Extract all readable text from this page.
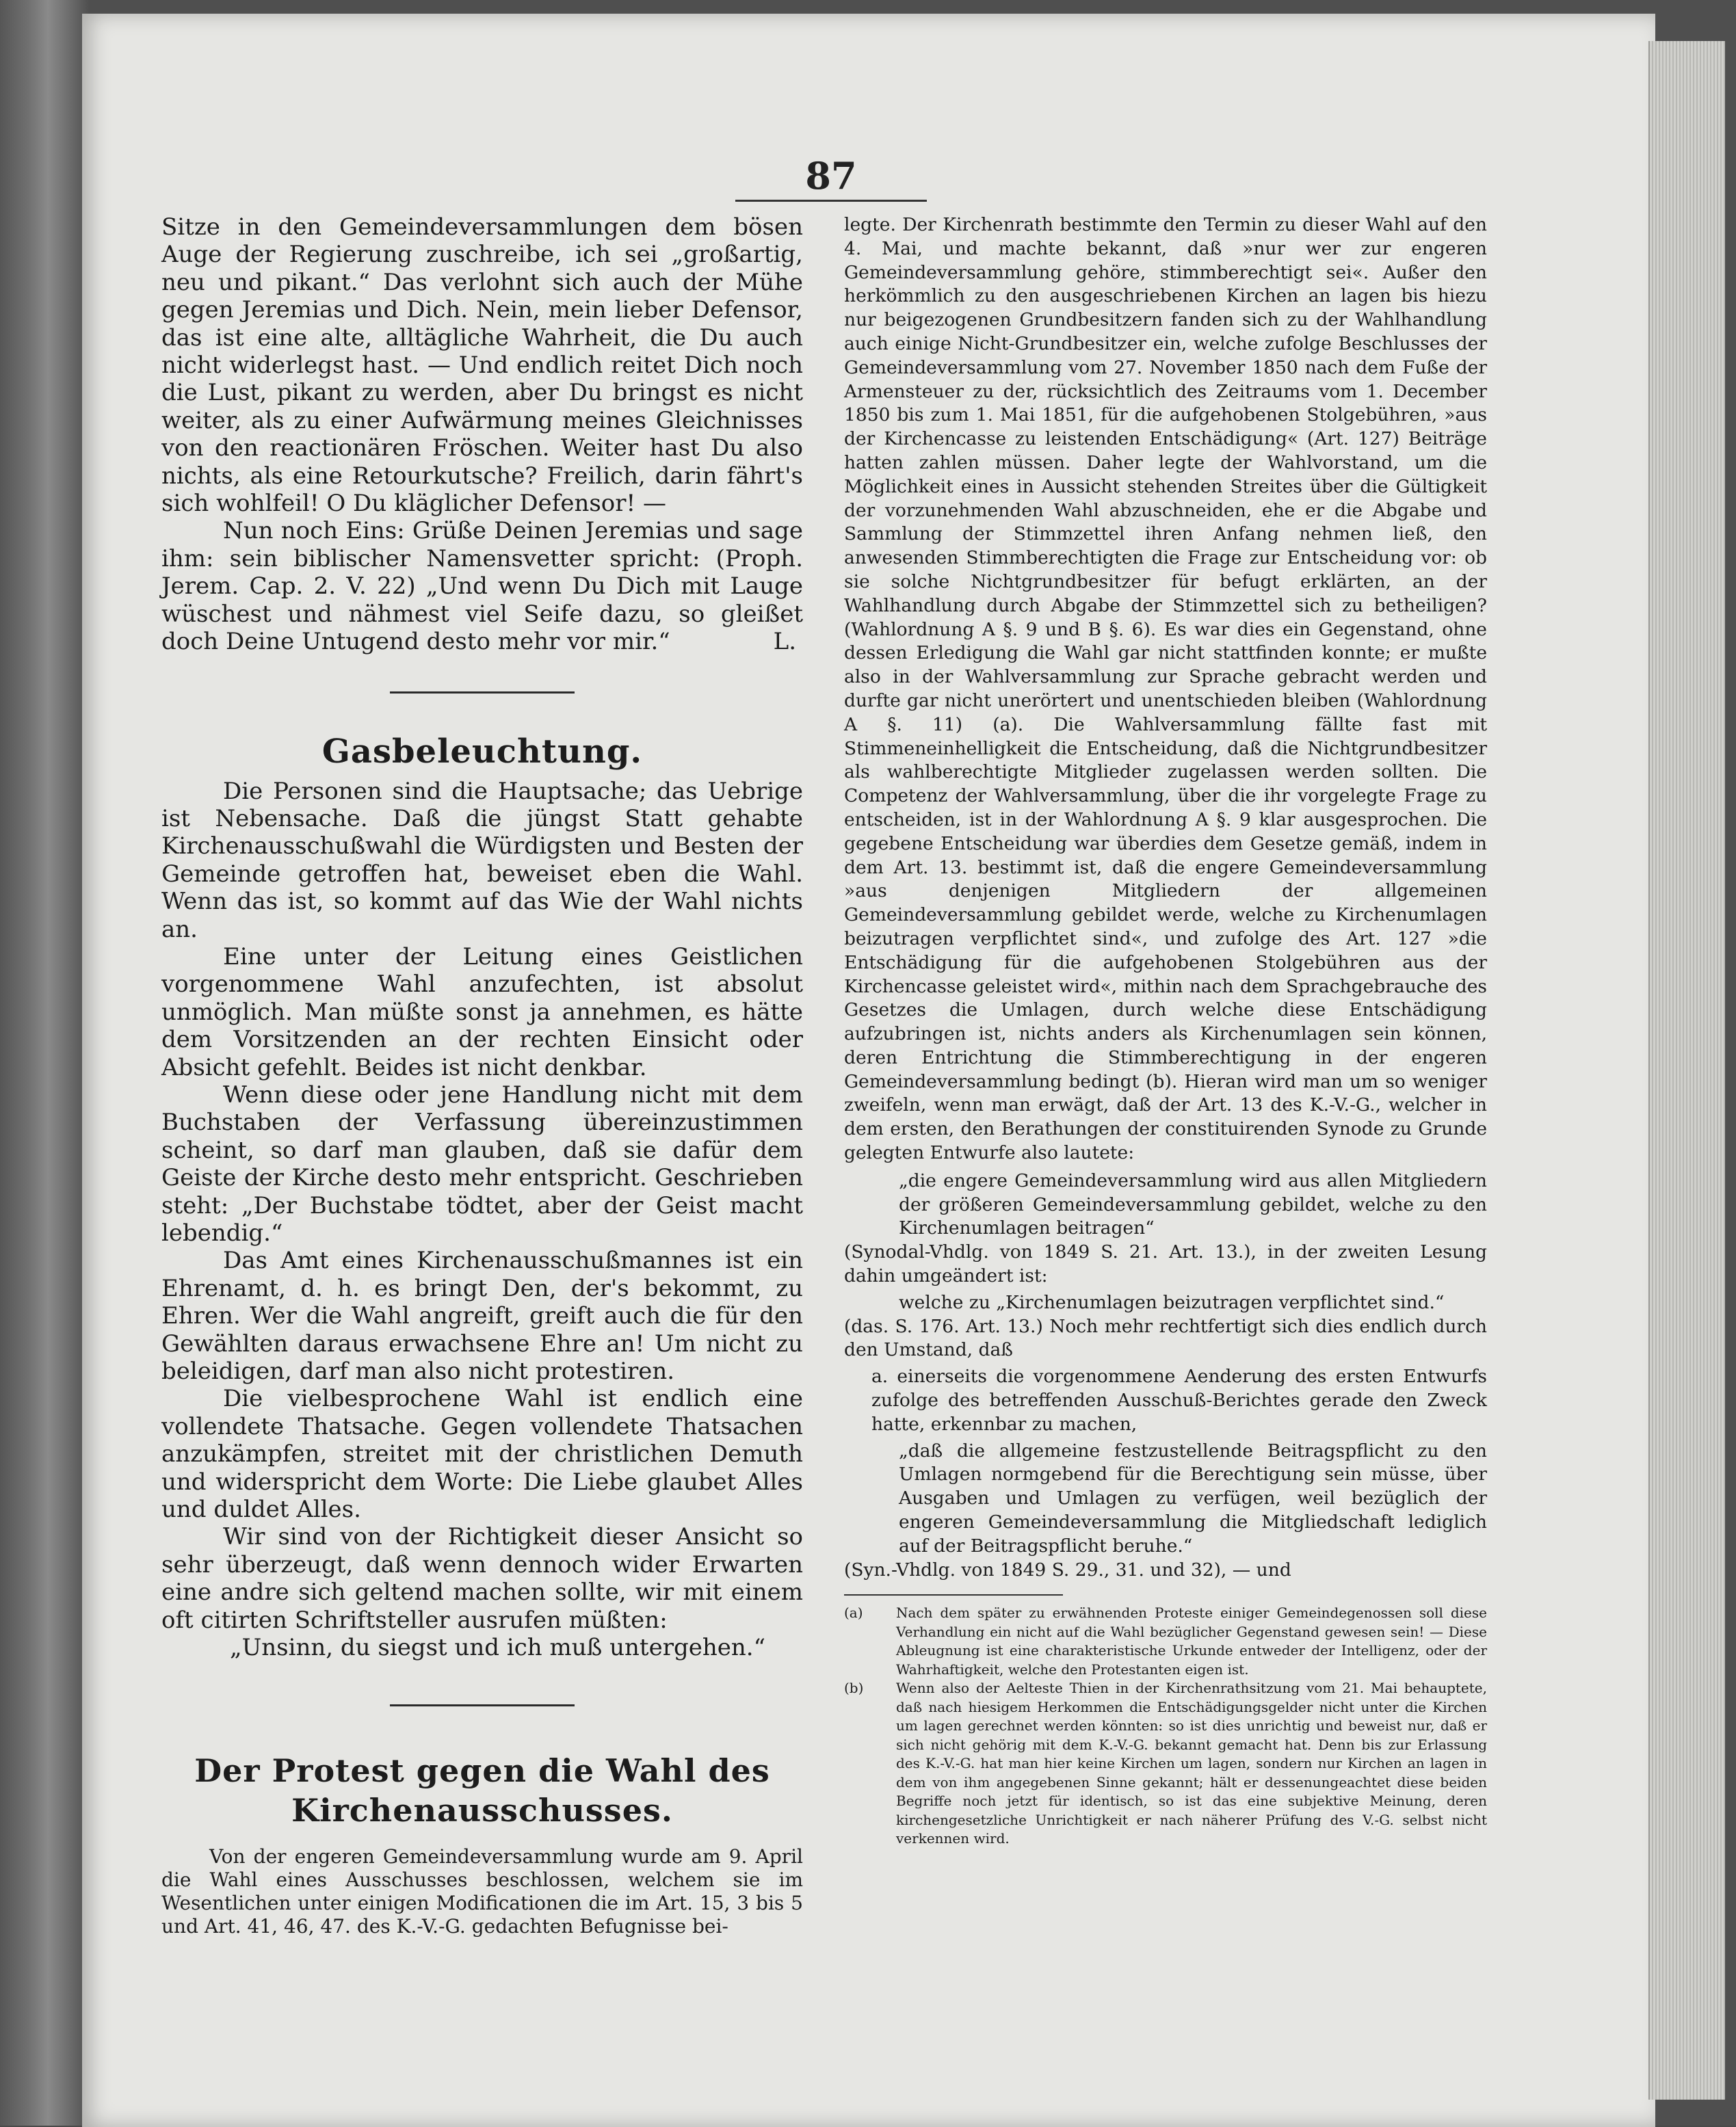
87

Sitze in den Gemeindeversammlungen dem bösen Auge der Regierung zuschreibe, ich sei „großartig, neu und pikant.“ Das verlohnt sich auch der Mühe gegen Jeremias und Dich. Nein, mein lieber Defensor, das ist eine alte, alltägliche Wahrheit, die Du auch nicht widerlegst hast. — Und endlich reitet Dich noch die Lust, pikant zu werden, aber Du bringst es nicht weiter, als zu einer Aufwärmung meines Gleichnisses von den reactionären Fröschen. Weiter hast Du also nichts, als eine Retourkutsche? Freilich, darin fährt's sich wohlfeil! O Du kläglicher Defensor! —

Nun noch Eins: Grüße Deinen Jeremias und sage ihm: sein biblischer Namensvetter spricht: (Proph. Jerem. Cap. 2. V. 22) „Und wenn Du Dich mit Lauge wüschest und nähmest viel Seife dazu, so gleißet doch Deine Untugend desto mehr vor mir.“	L.

Gasbeleuchtung.

Die Personen sind die Hauptsache; das Uebrige ist Nebensache. Daß die jüngst Statt gehabte Kirchenausschußwahl die Würdigsten und Besten der Gemeinde getroffen hat, beweiset eben die Wahl. Wenn das ist, so kommt auf das Wie der Wahl nichts an.

Eine unter der Leitung eines Geistlichen vorgenommene Wahl anzufechten, ist absolut unmöglich. Man müßte sonst ja annehmen, es hätte dem Vorsitzenden an der rechten Einsicht oder Absicht gefehlt. Beides ist nicht denkbar.

Wenn diese oder jene Handlung nicht mit dem Buchstaben der Verfassung übereinzustimmen scheint, so darf man glauben, daß sie dafür dem Geiste der Kirche desto mehr entspricht. Geschrieben steht: „Der Buchstabe tödtet, aber der Geist macht lebendig.“

Das Amt eines Kirchenausschußmannes ist ein Ehrenamt, d. h. es bringt Den, der's bekommt, zu Ehren. Wer die Wahl angreift, greift auch die für den Gewählten daraus erwachsene Ehre an! Um nicht zu beleidigen, darf man also nicht protestiren.

Die vielbesprochene Wahl ist endlich eine vollendete Thatsache. Gegen vollendete Thatsachen anzukämpfen, streitet mit der christlichen Demuth und widerspricht dem Worte: Die Liebe glaubet Alles und duldet Alles.

Wir sind von der Richtigkeit dieser Ansicht so sehr überzeugt, daß wenn dennoch wider Erwarten eine andre sich geltend machen sollte, wir mit einem oft citirten Schriftsteller ausrufen müßten:

„Unsinn, du siegst und ich muß untergehen.“

Der Protest gegen die Wahl des
Kirchenausschusses.

Von der engeren Gemeindeversammlung wurde am 9. April die Wahl eines Ausschusses beschlossen, welchem sie im Wesentlichen unter einigen Modificationen die im Art. 15, 3 bis 5 und Art. 41, 46, 47. des K.-V.-G. gedachten Befugnisse bei-

legte. Der Kirchenrath bestimmte den Termin zu dieser Wahl auf den 4. Mai, und machte bekannt, daß »nur wer zur engeren Gemeindeversammlung gehöre, stimmberechtigt sei«. Außer den herkömmlich zu den ausgeschriebenen Kirchen an lagen bis hiezu nur beigezogenen Grundbesitzern fanden sich zu der Wahlhandlung auch einige Nicht-Grundbesitzer ein, welche zufolge Beschlusses der Gemeindeversammlung vom 27. November 1850 nach dem Fuße der Armensteuer zu der, rücksichtlich des Zeitraums vom 1. December 1850 bis zum 1. Mai 1851, für die aufgehobenen Stolgebühren, »aus der Kirchencasse zu leistenden Entschädigung« (Art. 127) Beiträge hatten zahlen müssen. Daher legte der Wahlvorstand, um die Möglichkeit eines in Aussicht stehenden Streites über die Gültigkeit der vorzunehmenden Wahl abzuschneiden, ehe er die Abgabe und Sammlung der Stimmzettel ihren Anfang nehmen ließ, den anwesenden Stimmberechtigten die Frage zur Entscheidung vor: ob sie solche Nichtgrundbesitzer für befugt erklärten, an der Wahlhandlung durch Abgabe der Stimmzettel sich zu betheiligen? (Wahlordnung A §. 9 und B §. 6). Es war dies ein Gegenstand, ohne dessen Erledigung die Wahl gar nicht stattfinden konnte; er mußte also in der Wahlversammlung zur Sprache gebracht werden und durfte gar nicht unerörtert und unentschieden bleiben (Wahlordnung A §. 11) (a). Die Wahlversammlung fällte fast mit Stimmeneinhelligkeit die Entscheidung, daß die Nichtgrundbesitzer als wahlberechtigte Mitglieder zugelassen werden sollten. Die Competenz der Wahlversammlung, über die ihr vorgelegte Frage zu entscheiden, ist in der Wahlordnung A §. 9 klar ausgesprochen. Die gegebene Entscheidung war überdies dem Gesetze gemäß, indem in dem Art. 13. bestimmt ist, daß die engere Gemeindeversammlung »aus denjenigen Mitgliedern der allgemeinen Gemeindeversammlung gebildet werde, welche zu Kirchenumlagen beizutragen verpflichtet sind«, und zufolge des Art. 127 »die Entschädigung für die aufgehobenen Stolgebühren aus der Kirchencasse geleistet wird«, mithin nach dem Sprachgebrauche des Gesetzes die Umlagen, durch welche diese Entschädigung aufzubringen ist, nichts anders als Kirchenumlagen sein können, deren Entrichtung die Stimmberechtigung in der engeren Gemeindeversammlung bedingt (b). Hieran wird man um so weniger zweifeln, wenn man erwägt, daß der Art. 13 des K.-V.-G., welcher in dem ersten, den Berathungen der constituirenden Synode zu Grunde gelegten Entwurfe also lautete:

„die engere Gemeindeversammlung wird aus allen Mitgliedern der größeren Gemeindeversammlung gebildet, welche zu den Kirchenumlagen beitragen“

(Synodal-Vhdlg. von 1849 S. 21. Art. 13.), in der zweiten Lesung dahin umgeändert ist:

welche zu „Kirchenumlagen beizutragen verpflichtet sind.“

(das. S. 176. Art. 13.) Noch mehr rechtfertigt sich dies endlich durch den Umstand, daß

a. einerseits die vorgenommene Aenderung des ersten Entwurfs zufolge des betreffenden Ausschuß-Berichtes gerade den Zweck hatte, erkennbar zu machen,

„daß die allgemeine festzustellende Beitragspflicht zu den Umlagen normgebend für die Berechtigung sein müsse, über Ausgaben und Umlagen zu verfügen, weil bezüglich der engeren Gemeindeversammlung die Mitgliedschaft lediglich auf der Beitragspflicht beruhe.“

(Syn.-Vhdlg. von 1849 S. 29., 31. und 32), — und

(a) Nach dem später zu erwähnenden Proteste einiger Gemeindegenossen soll diese Verhandlung ein nicht auf die Wahl bezüglicher Gegenstand gewesen sein! — Diese Ableugnung ist eine charakteristische Urkunde entweder der Intelligenz, oder der Wahrhaftigkeit, welche den Protestanten eigen ist.

(b) Wenn also der Aelteste Thien in der Kirchenrathsitzung vom 21. Mai behauptete, daß nach hiesigem Herkommen die Entschädigungsgelder nicht unter die Kirchen um lagen gerechnet werden könnten: so ist dies unrichtig und beweist nur, daß er sich nicht gehörig mit dem K.-V.-G. bekannt gemacht hat. Denn bis zur Erlassung des K.-V.-G. hat man hier keine Kirchen um lagen, sondern nur Kirchen an lagen in dem von ihm angegebenen Sinne gekannt; hält er dessenungeachtet diese beiden Begriffe noch jetzt für identisch, so ist das eine subjektive Meinung, deren kirchengesetzliche Unrichtigkeit er nach näherer Prüfung des V.-G. selbst nicht verkennen wird.
